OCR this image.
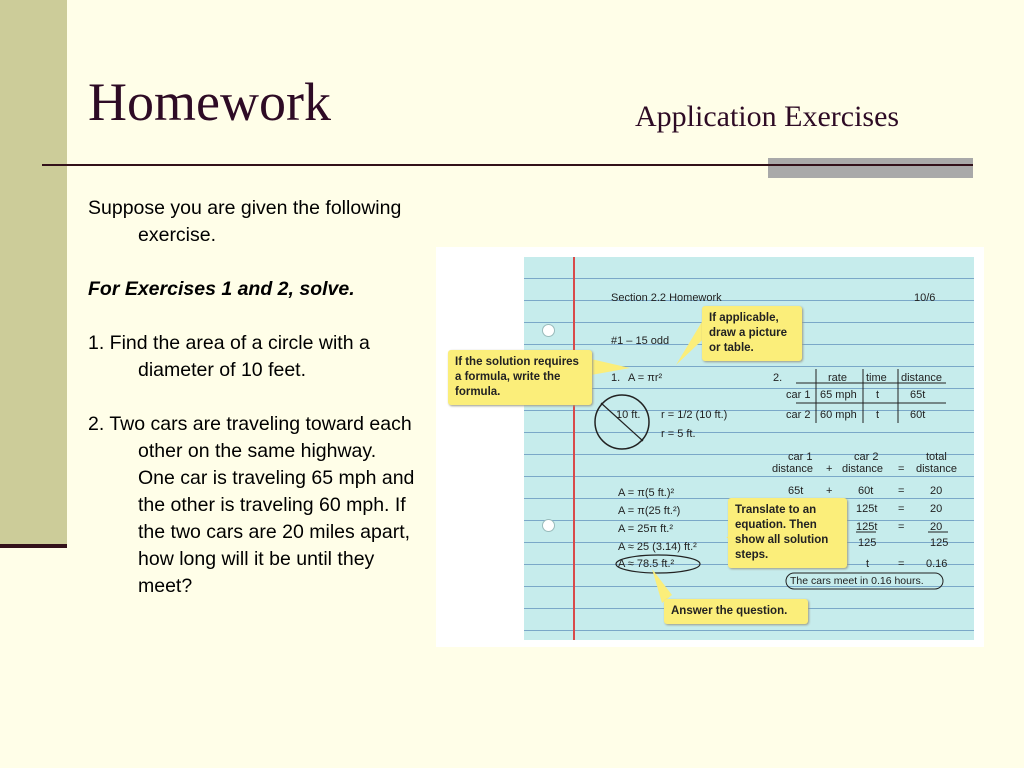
Homework	Application Exercises

Suppose you are given the following exercise.

For Exercises 1 and 2, solve.

1. Find the area of a circle with a diameter of 10 feet.

2. Two cars are traveling toward each other on the same highway. One car is traveling 65 mph and the other is traveling 60 mph. If the two cars are 20 miles apart, how long will it be until they meet?

Section 2.2 Homework	10/6
#1 – 15 odd
1. A = πr²
10 ft. r = 1/2 (10 ft.)
r = 5 ft.
A = π(5 ft.)²
A = π(25 ft.²)
A = 25π ft.²
A ≈ 25 (3.14) ft.²
A ≈ 78.5 ft.²
2.	rate time distance
car 1 65 mph t	65t
car 2 60 mph t	60t
car 1	car 2	total
distance + distance = distance
65t + 60t = 20
125t = 20
125t = 20
125	125
t	= 0.16
The cars meet in 0.16 hours.
If applicable, draw a picture or table.
If the solution requires a formula, write the formula.
Translate to an equation. Then show all solution steps.
Answer the question.
